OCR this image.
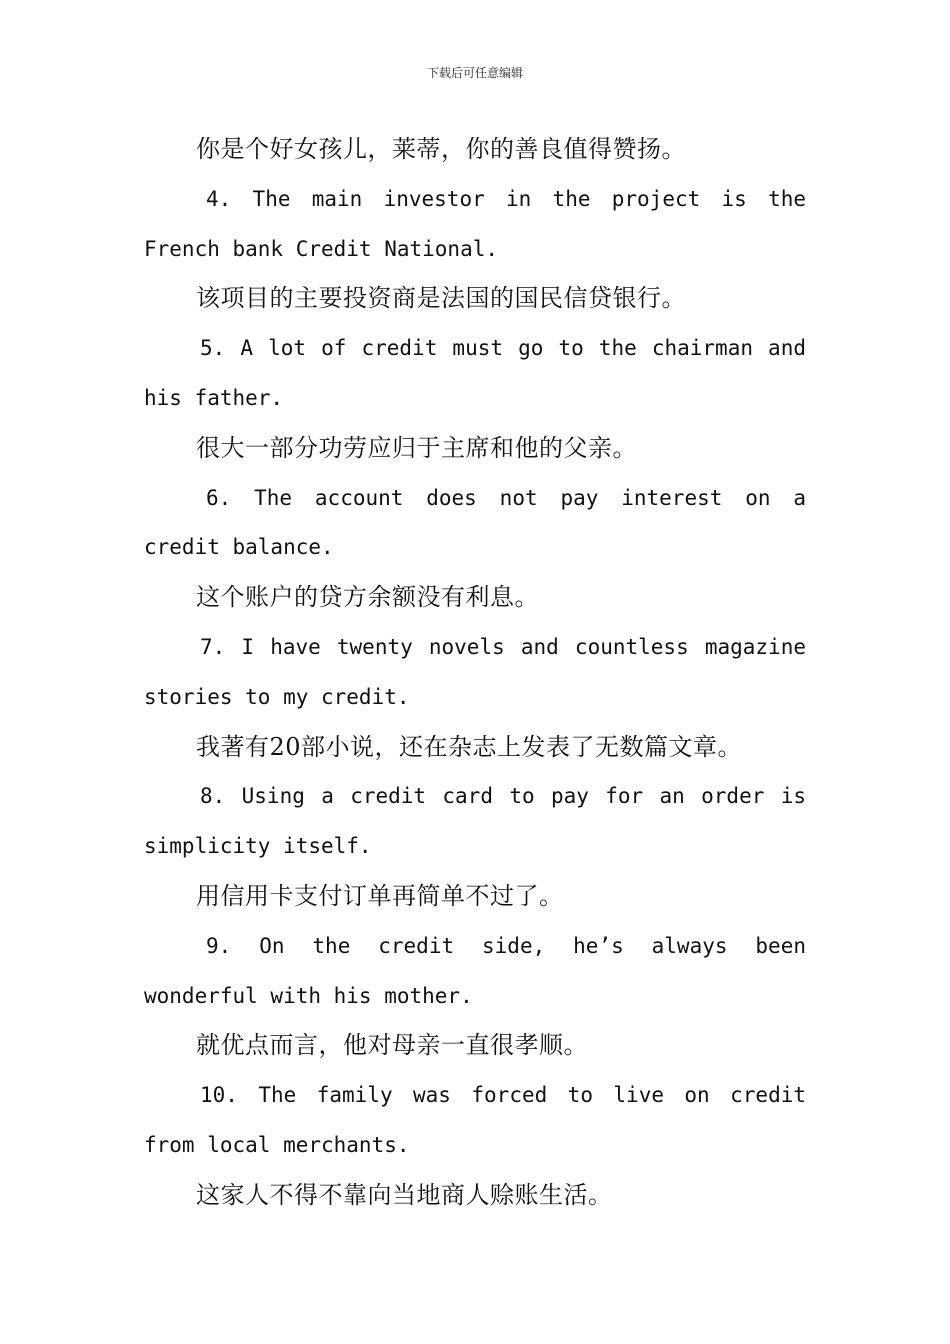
下载后可任意编辑
你是个好女孩儿，莱蒂，你的善良值得赞扬。
4. The main investor in the project is the
French bank Credit National.
该项目的主要投资商是法国的国民信贷银行。
5. A lot of credit must go to the chairman and
his father.
很大一部分功劳应归于主席和他的父亲。
6. The account does not pay interest on a
credit balance.
这个账户的贷方余额没有利息。
7. I have twenty novels and countless magazine
stories to my credit.
我著有20部小说，还在杂志上发表了无数篇文章。
8. Using a credit card to pay for an order is
simplicity itself.
用信用卡支付订单再简单不过了。
9. On the credit side, he’s always been
wonderful with his mother.
就优点而言，他对母亲一直很孝顺。
10. The family was forced to live on credit
from local merchants.
这家人不得不靠向当地商人赊账生活。
